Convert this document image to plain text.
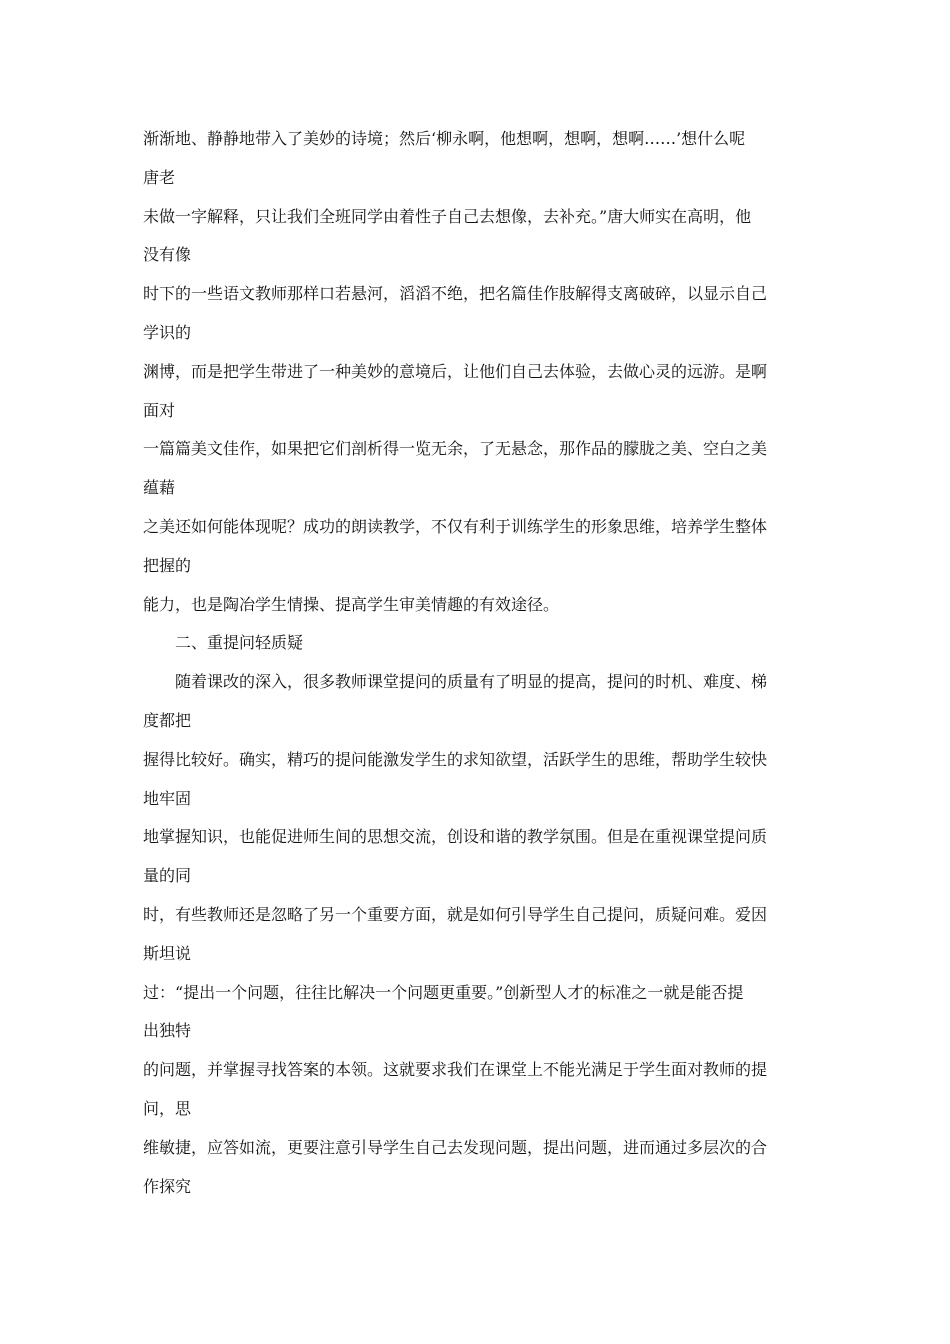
渐渐地、静静地带入了美妙的诗境；然后‘柳永啊，他想啊，想啊，想啊……’想什么呢

唐老

未做一字解释，只让我们全班同学由着性子自己去想像，去补充。”唐大师实在高明，他

没有像

时下的一些语文教师那样口若悬河，滔滔不绝，把名篇佳作肢解得支离破碎，以显示自己

学识的

渊博，而是把学生带进了一种美妙的意境后，让他们自己去体验，去做心灵的远游。是啊

面对

一篇篇美文佳作，如果把它们剖析得一览无余，了无悬念，那作品的朦胧之美、空白之美

蕴藉

之美还如何能体现呢？成功的朗读教学，不仅有利于训练学生的形象思维，培养学生整体

把握的

能力，也是陶冶学生情操、提高学生审美情趣的有效途径。

二、重提问轻质疑

随着课改的深入，很多教师课堂提问的质量有了明显的提高，提问的时机、难度、梯

度都把

握得比较好。确实，精巧的提问能激发学生的求知欲望，活跃学生的思维，帮助学生较快

地牢固

地掌握知识，也能促进师生间的思想交流，创设和谐的教学氛围。但是在重视课堂提问质

量的同

时，有些教师还是忽略了另一个重要方面，就是如何引导学生自己提问，质疑问难。爱因

斯坦说

过：“提出一个问题，往往比解决一个问题更重要。”创新型人才的标准之一就是能否提

出独特

的问题，并掌握寻找答案的本领。这就要求我们在课堂上不能光满足于学生面对教师的提

问，思

维敏捷，应答如流，更要注意引导学生自己去发现问题，提出问题，进而通过多层次的合

作探究
